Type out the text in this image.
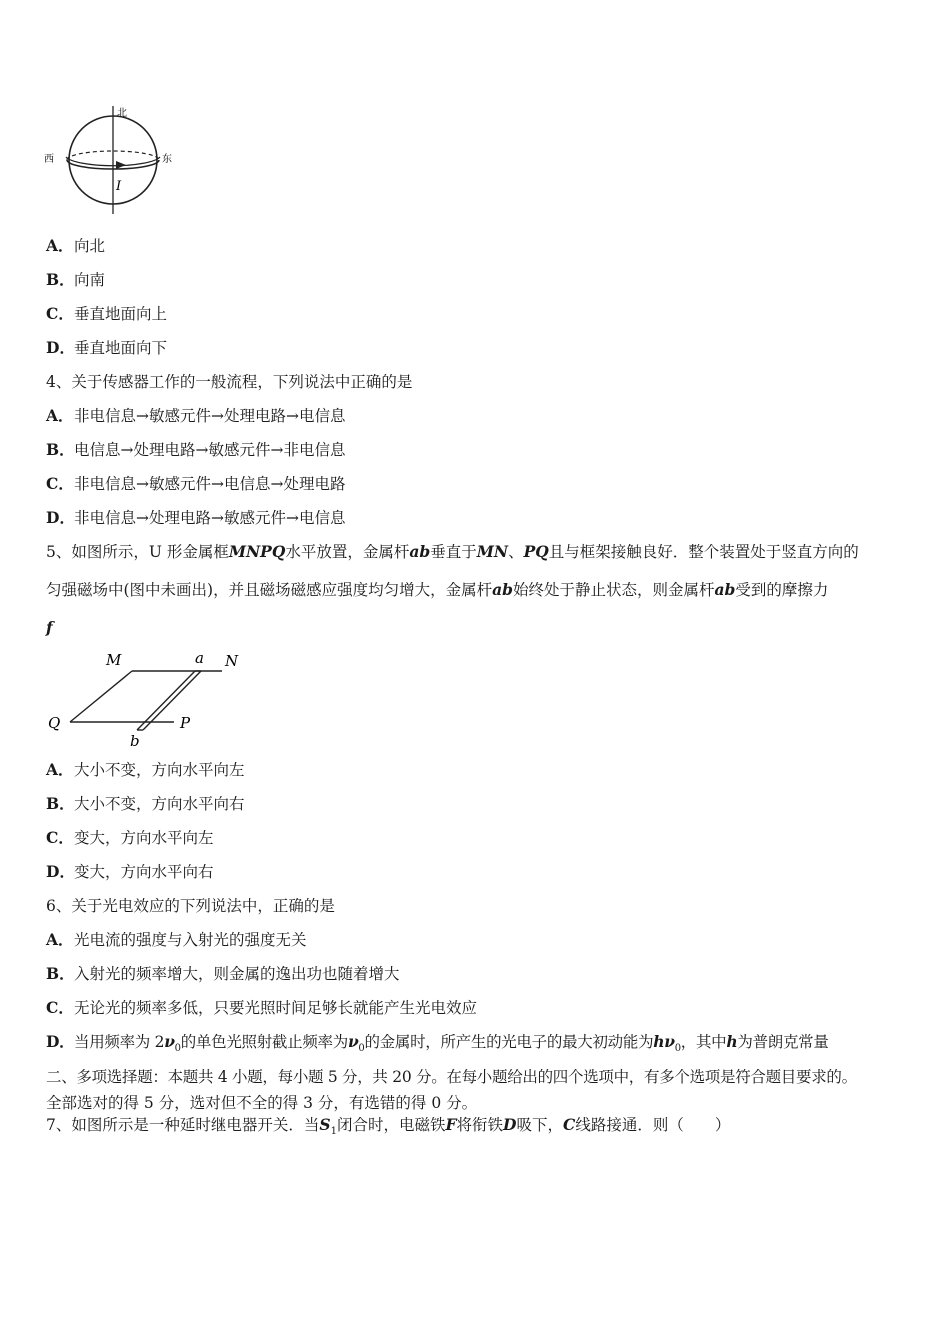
北
西	东
I
A．向北
B．向南
C．垂直地面向上
D．垂直地面向下
4、关于传感器工作的一般流程，下列说法中正确的是
A．非电信息→敏感元件→处理电路→电信息
B．电信息→处理电路→敏感元件→非电信息
C．非电信息→敏感元件→电信息→处理电路
D．非电信息→处理电路→敏感元件→电信息
5、如图所示，U 形金属框MNPQ水平放置，金属杆ab垂直于MN、PQ且与框架接触良好．整个装置处于竖直方向的
匀强磁场中(图中未画出)，并且磁场磁感应强度均匀增大，金属杆ab始终处于静止状态，则金属杆ab受到的摩擦力
f
M	a N
Q	P
b
A．大小不变，方向水平向左
B．大小不变，方向水平向右
C．变大，方向水平向左
D．变大，方向水平向右
6、关于光电效应的下列说法中，正确的是
A．光电流的强度与入射光的强度无关
B．入射光的频率增大，则金属的逸出功也随着增大
C．无论光的频率多低，只要光照时间足够长就能产生光电效应
D．当用频率为 $2\nu_0$的单色光照射截止频率为$\nu_0$的金属时，所产生的光电子的最大初动能为$h\nu_0$，其中h为普朗克常量
二、多项选择题：本题共 4 小题，每小题 5 分，共 20 分。在每小题给出的四个选项中，有多个选项是符合题目要求的。
全部选对的得 5 分，选对但不全的得 3 分，有选错的得 0 分。
7、如图所示是一种延时继电器开关．当$S_1$闭合时，电磁铁F将衔铁D吸下，C线路接通．则（　　）
